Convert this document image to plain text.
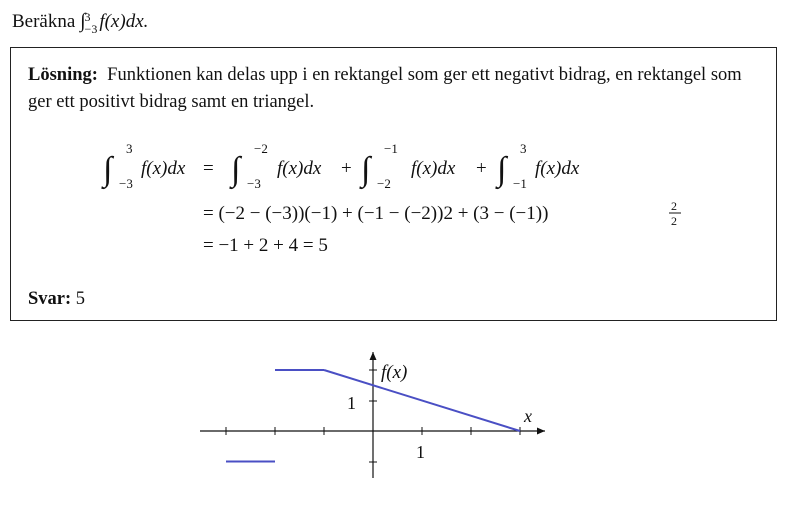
Beräkna ∫ 3
−3 f(x)dx.
Lösning: Funktionen kan delas upp i en rektangel som ger ett negativt bidrag, en rektangel som ger ett positivt bidrag samt en triangel.
∫
3
−3
f(x)dx = ∫
−2
−3
f(x)dx + ∫
−1
−2
f(x)dx + ∫
3
−1
f(x)dx
= (−2 − (−3))(−1) + (−1 − (−2))2 + (3 − (−1))	2
2
= −1 + 2 + 4 = 5
Svar: 5
f(x)
x
1
1
